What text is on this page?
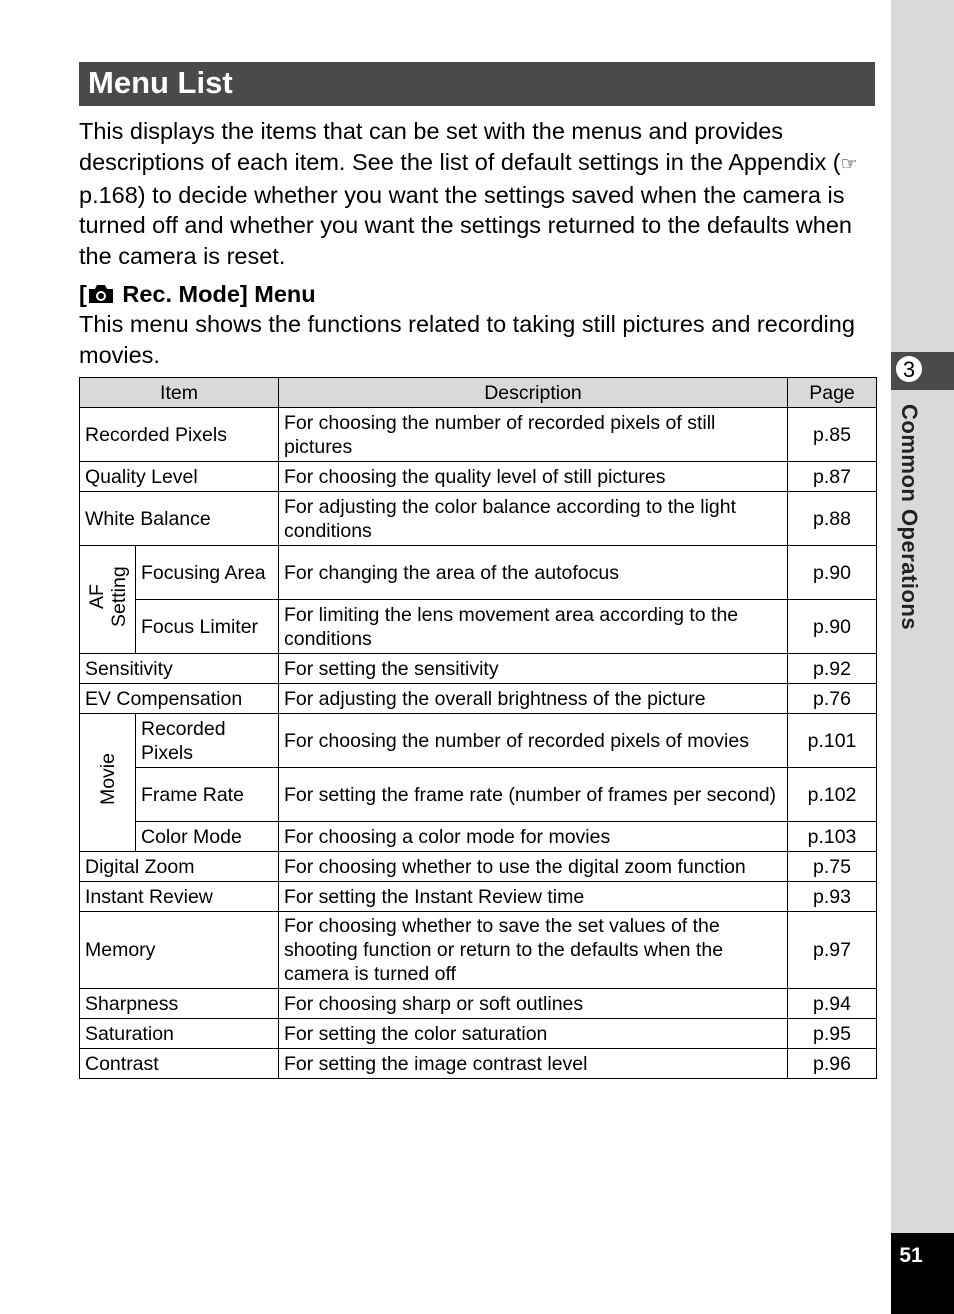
3
Common Operations
51
Menu List

This displays the items that can be set with the menus and provides descriptions of each item. See the list of default settings in the Appendix (☞p.168) to decide whether you want the settings saved when the camera is turned off and whether you want the settings returned to the defaults when the camera is reset.

[ Rec. Mode] Menu

This menu shows the functions related to taking still pictures and recording movies.

Item		Description	Page
Recorded Pixels		For choosing the number of recorded pixels of still pictures	p.85
Quality Level		For choosing the quality level of still pictures	p.87
White Balance		For adjusting the color balance according to the light conditions	p.88
AF Setting	Focusing Area	For changing the area of the autofocus	p.90
	Focus Limiter	For limiting the lens movement area according to the conditions	p.90
Sensitivity		For setting the sensitivity	p.92
EV Compensation		For adjusting the overall brightness of the picture	p.76
Movie	Recorded Pixels	For choosing the number of recorded pixels of movies	p.101
	Frame Rate	For setting the frame rate (number of frames per second)	p.102
	Color Mode	For choosing a color mode for movies	p.103
Digital Zoom		For choosing whether to use the digital zoom function	p.75
Instant Review		For setting the Instant Review time	p.93
Memory		For choosing whether to save the set values of the shooting function or return to the defaults when the camera is turned off	p.97
Sharpness		For choosing sharp or soft outlines	p.94
Saturation		For setting the color saturation	p.95
Contrast		For setting the image contrast level	p.96
